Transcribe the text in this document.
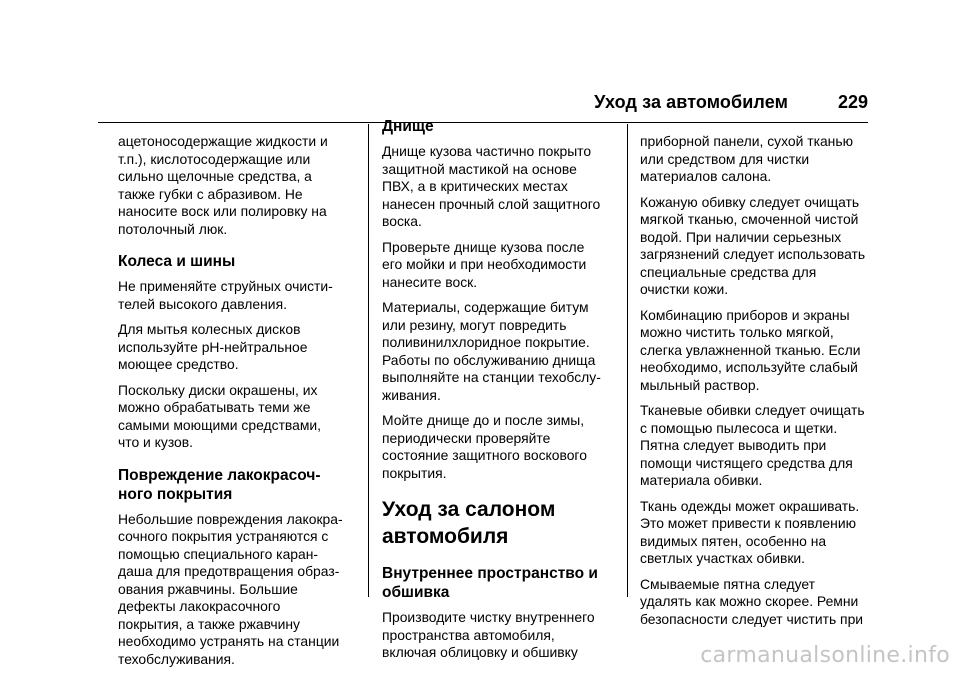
Уход за автомобилем	229

ацетоносодержащие жидкости и
т.п.), кислотосодержащие или
сильно щелочные средства, а
также губки с абразивом. Не
наносите воск или полировку на
потолочный люк.

Колеса и шины

Не применяйте струйных очисти-
телей высокого давления.

Для мытья колесных дисков
используйте pH-нейтральное
моющее средство.

Поскольку диски окрашены, их
можно обрабатывать теми же
самыми моющими средствами,
что и кузов.

Повреждение лакокрасоч-
ного покрытия

Небольшие повреждения лакокра-
сочного покрытия устраняются с
помощью специального каран-
даша для предотвращения образ-
ования ржавчины. Большие
дефекты лакокрасочного
покрытия, а также ржавчину
необходимо устранять на станции
техобслуживания.

Днище

Днище кузова частично покрыто
защитной мастикой на основе
ПВХ, а в критических местах
нанесен прочный слой защитного
воска.

Проверьте днище кузова после
его мойки и при необходимости
нанесите воск.

Материалы, содержащие битум
или резину, могут повредить
поливинилхлоридное покрытие.
Работы по обслуживанию днища
выполняйте на станции техобслу-
живания.

Мойте днище до и после зимы,
периодически проверяйте
состояние защитного воскового
покрытия.

Уход за салоном
автомобиля
Внутреннее пространство и
обшивка

Производите чистку внутреннего
пространства автомобиля,
включая облицовку и обшивку

приборной панели, сухой тканью
или средством для чистки
материалов салона.

Кожаную обивку следует очищать
мягкой тканью, смоченной чистой
водой. При наличии серьезных
загрязнений следует использовать
специальные средства для
очистки кожи.

Комбинацию приборов и экраны
можно чистить только мягкой,
слегка увлажненной тканью. Если
необходимо, используйте слабый
мыльный раствор.

Тканевые обивки следует очищать
с помощью пылесоса и щетки.
Пятна следует выводить при
помощи чистящего средства для
материала обивки.

Ткань одежды может окрашивать.
Это может привести к появлению
видимых пятен, особенно на
светлых участках обивки.

Смываемые пятна следует
удалять как можно скорее. Ремни
безопасности следует чистить при

carmanualsonline.info
